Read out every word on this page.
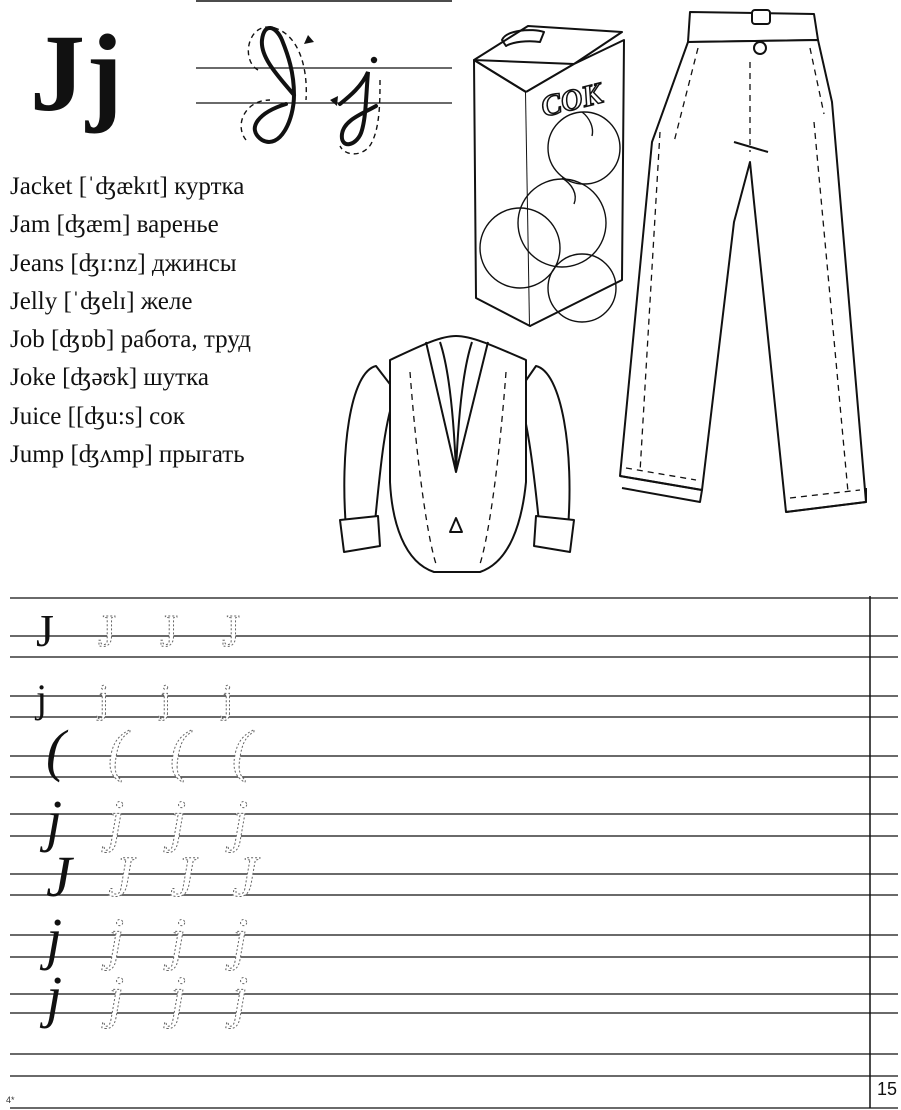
Jj
Jacket [ˈʤækɪt] куртка
Jam [ʤæm] варенье
Jeans [ʤɪ:nz] джинсы
Jelly [ˈʤelɪ] желе
Job [ʤɒb] работа, труд
Joke [ʤəʊk] шутка
Juice [[ʤu:s] сок
Jump [ʤʌmp] прыгать
СОК
J J J J
j j j j
( ( ( (
j j j j
J J J J
j j j j
j j j j
15
4*
